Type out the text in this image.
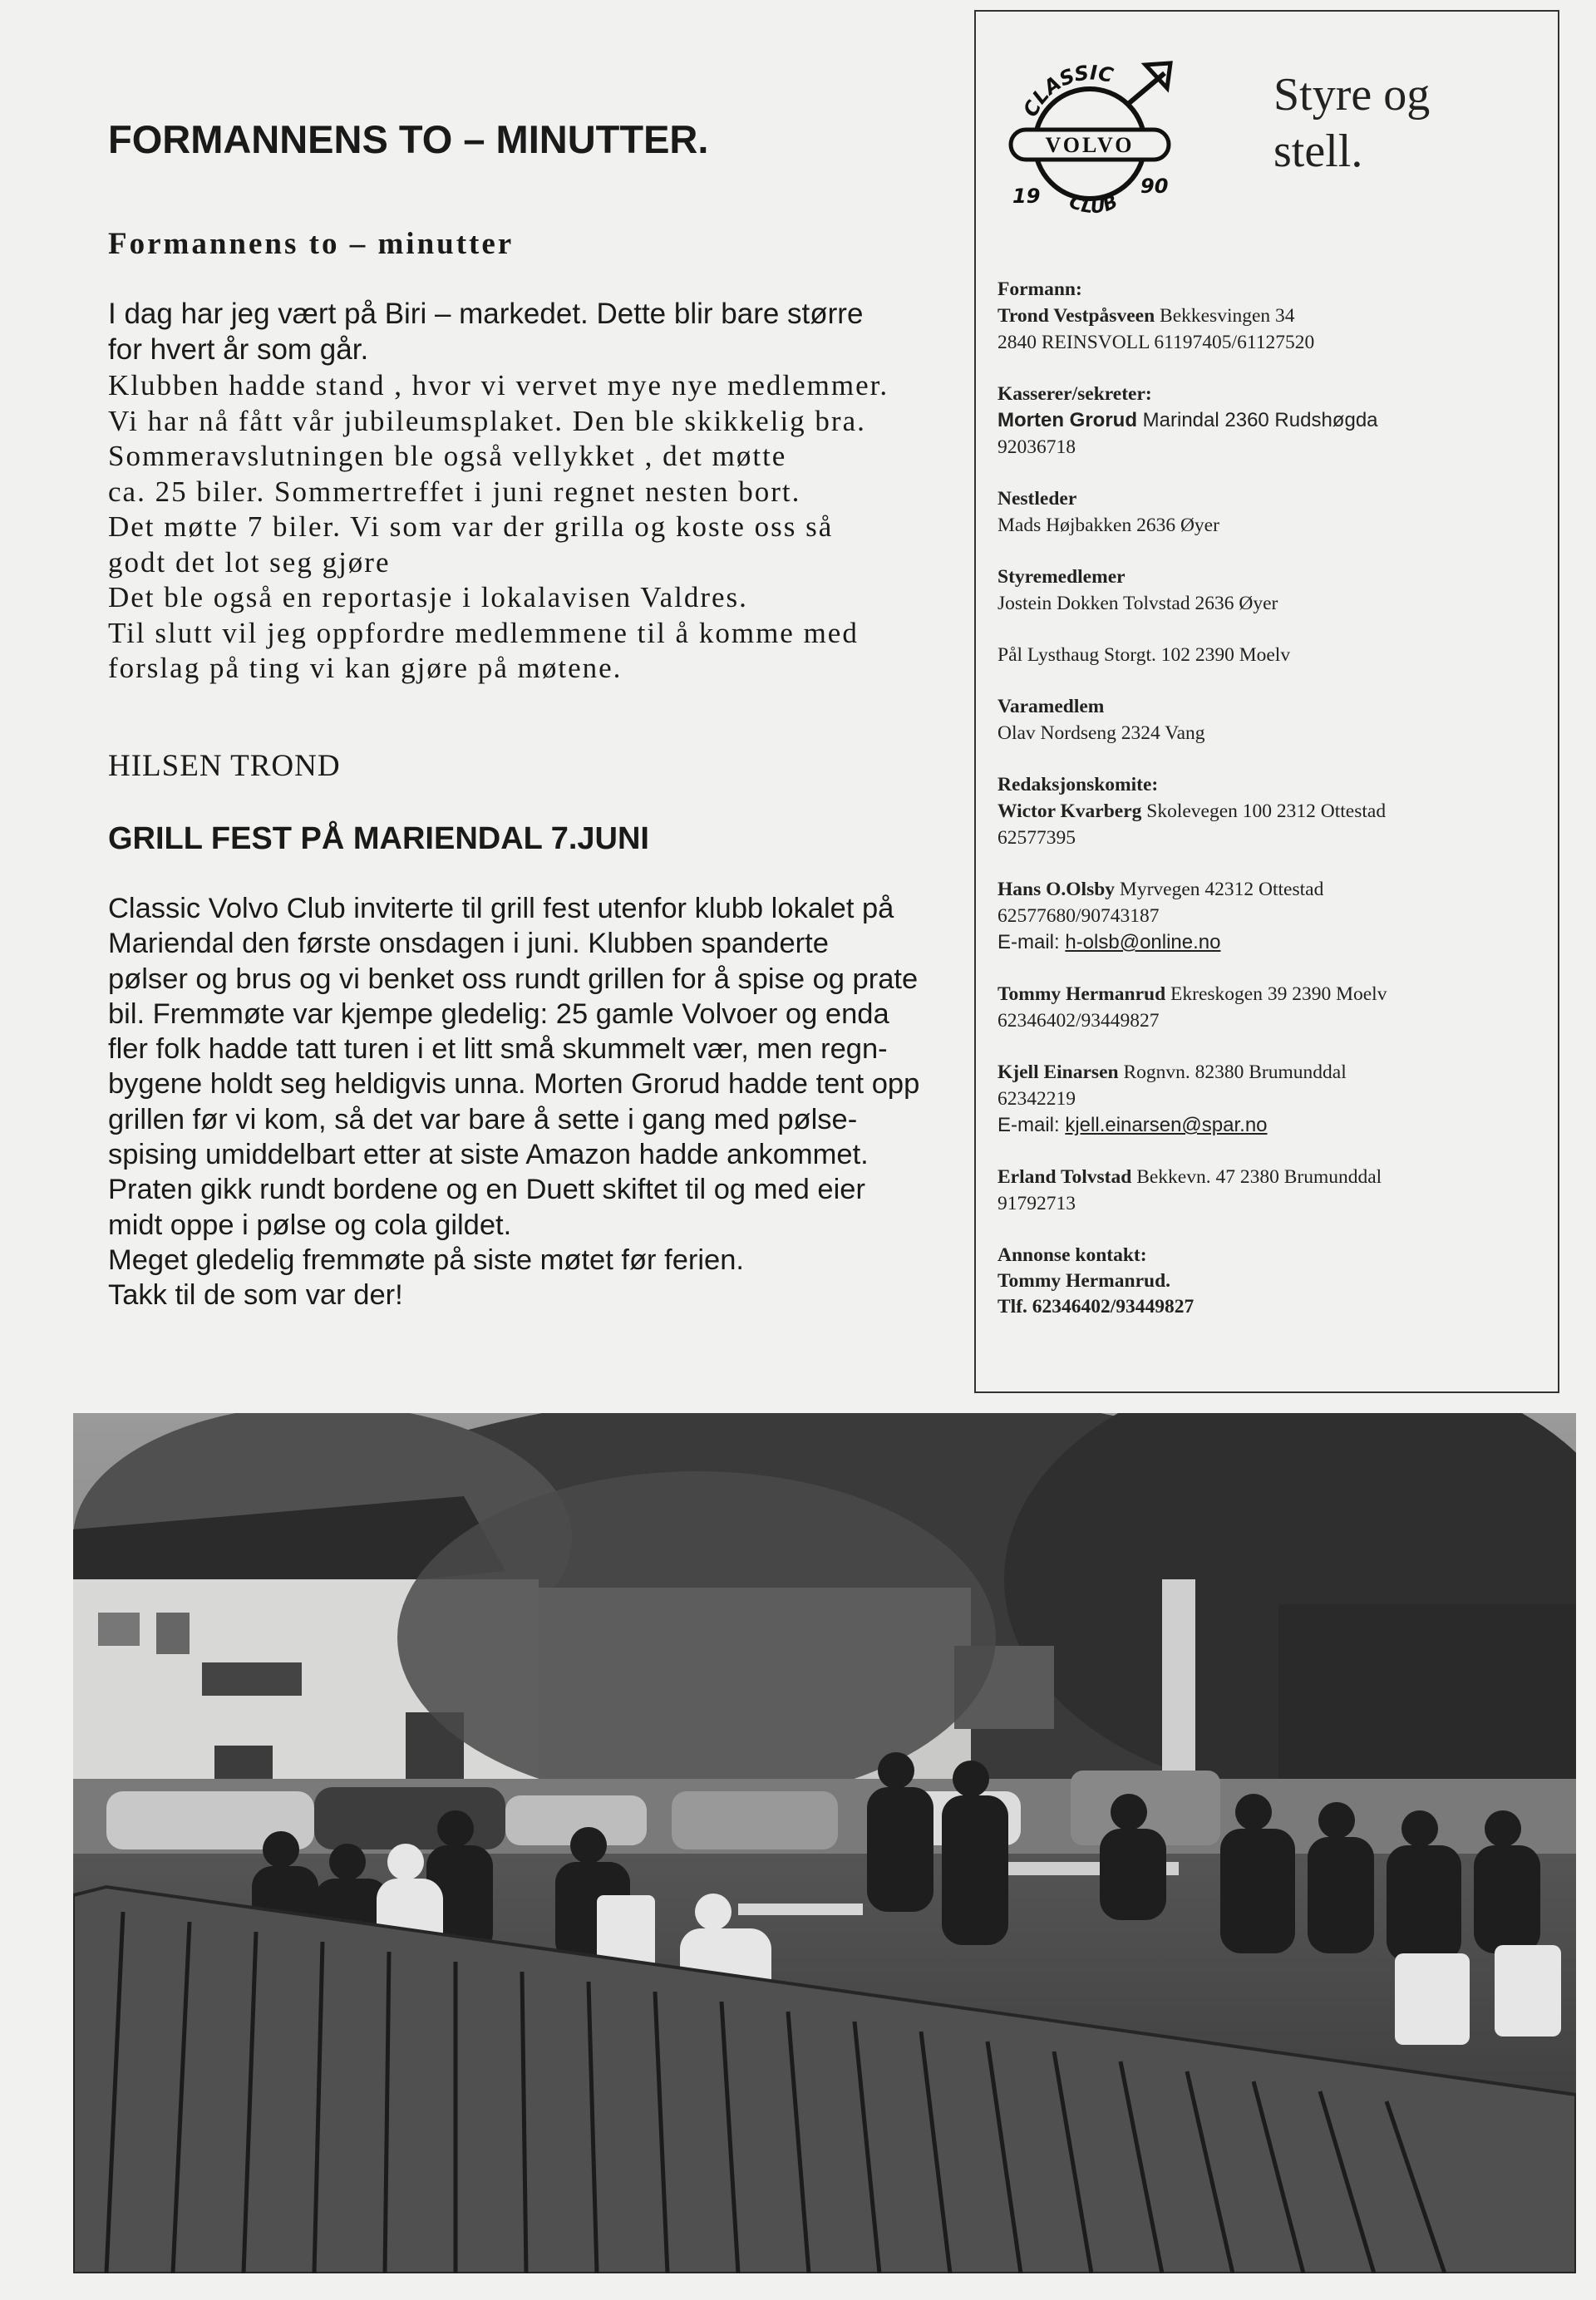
FORMANNENS TO – MINUTTER.
Formannens to – minutter
I dag har jeg vært på Biri – markedet. Dette blir bare større
for hvert år som går.
Klubben hadde stand , hvor vi vervet mye nye medlemmer.
Vi har nå fått vår jubileumsplaket. Den ble skikkelig bra.
Sommeravslutningen ble også vellykket , det møtte
ca. 25 biler. Sommertreffet i juni regnet nesten bort.
Det møtte 7 biler. Vi som var der grilla og koste oss så
godt det lot seg gjøre
Det ble også en reportasje i lokalavisen Valdres.
Til slutt vil jeg oppfordre medlemmene til å komme med
forslag på ting vi kan gjøre på møtene.
HILSEN TROND
GRILL FEST PÅ MARIENDAL 7.JUNI
Classic Volvo Club inviterte til grill fest utenfor klubb lokalet på
Mariendal den første onsdagen i juni. Klubben spanderte
pølser og brus og vi benket oss rundt grillen for å spise og prate
bil. Fremmøte var kjempe gledelig: 25 gamle Volvoer og enda
fler folk hadde tatt turen i et litt små skummelt vær, men regn-
bygene holdt seg heldigvis unna. Morten Grorud hadde tent opp
grillen før vi kom, så det var bare å sette i gang med pølse-
spising umiddelbart etter at siste Amazon hadde ankommet.
Praten gikk rundt bordene og en Duett skiftet til og med eier
midt oppe i pølse og cola gildet.
Meget gledelig fremmøte på siste møtet før ferien.
Takk til de som var der!
CLASSIC
VOLVO
19	90
CLUB
Styre og
stell.
Formann:
Trond Vestpåsveen Bekkesvingen 34
2840 REINSVOLL 61197405/61127520
Kasserer/sekreter:
Morten Grorud Marindal 2360 Rudshøgda
92036718
Nestleder
Mads Højbakken 2636 Øyer
Styremedlemer
Jostein Dokken Tolvstad 2636 Øyer
Pål Lysthaug Storgt. 102 2390 Moelv
Varamedlem
Olav Nordseng 2324 Vang
Redaksjonskomite:
Wictor Kvarberg Skolevegen 100 2312 Ottestad
62577395
Hans O.Olsby Myrvegen 42312 Ottestad
62577680/90743187
E-mail: h-olsb@online.no
Tommy Hermanrud Ekreskogen 39 2390 Moelv
62346402/93449827
Kjell Einarsen Rognvn. 82380 Brumunddal
62342219
E-mail: kjell.einarsen@spar.no
Erland Tolvstad Bekkevn. 47 2380 Brumunddal
91792713
Annonse kontakt:
Tommy Hermanrud.
Tlf. 62346402/93449827
